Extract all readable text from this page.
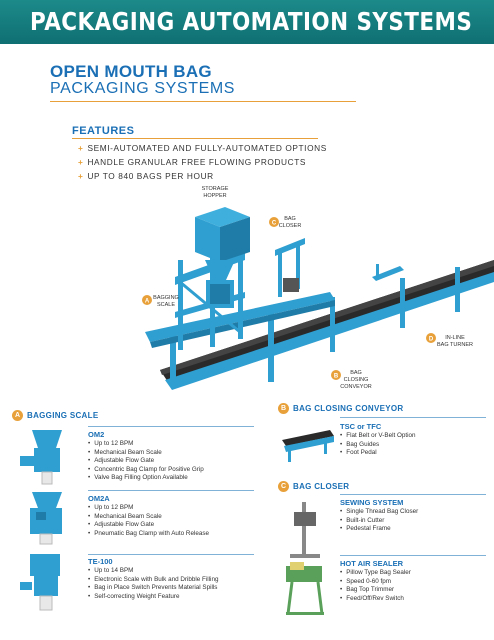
PACKAGING AUTOMATION SYSTEMS
OPEN MOUTH BAG
PACKAGING SYSTEMS
FEATURES
+ SEMI-AUTOMATED AND FULLY-AUTOMATED OPTIONS
+ HANDLE GRANULAR FREE FLOWING PRODUCTS
+ UP TO 840 BAGS PER HOUR
STORAGE
HOPPER
C
BAG
CLOSER
A
BAGGING
SCALE
D IN-LINE
BAG TURNER
B
BAG
CLOSING
CONVEYOR
A BAGGING SCALE
OM2
• Up to 12 BPM
• Mechanical Beam Scale
• Adjustable Flow Gate
• Concentric Bag Clamp for Positive Grip
• Valve Bag Filling Option Available
OM2A
• Up to 12 BPM
• Mechanical Beam Scale
• Adjustable Flow Gate
• Pneumatic Bag Clamp with Auto Release
TE-100
• Up to 14 BPM
• Electronic Scale with Bulk and Dribble Filling
• Bag in Place Switch Prevents Material Spills
• Self-correcting Weight Feature
B BAG CLOSING CONVEYOR
TSC or TFC
• Flat Belt or V-Belt Option
• Bag Guides
• Foot Pedal
C BAG CLOSER
SEWING SYSTEM
• Single Thread Bag Closer
• Built-in Cutter
• Pedestal Frame
HOT AIR SEALER
• Pillow Type Bag Sealer
• Speed 0-60 fpm
• Bag Top Trimmer
• Feed/Off/Rev Switch
